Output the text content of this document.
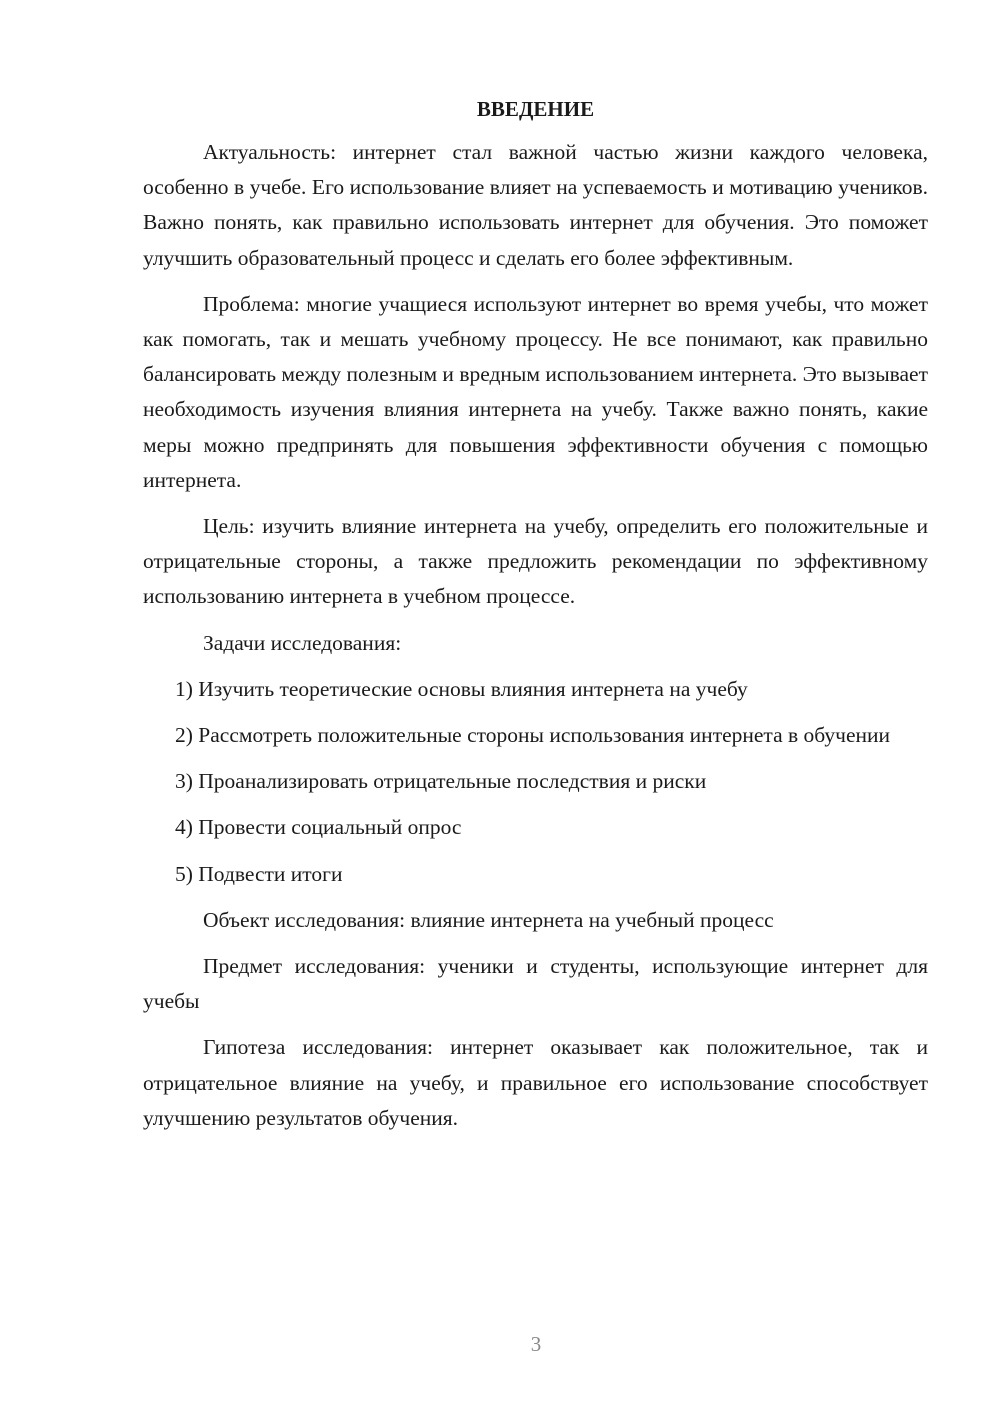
ВВЕДЕНИЕ

Актуальность: интернет стал важной частью жизни каждого человека, особенно в учебе. Его использование влияет на успеваемость и мотивацию учеников. Важно понять, как правильно использовать интернет для обучения. Это поможет улучшить образовательный процесс и сделать его более эффективным.

Проблема: многие учащиеся используют интернет во время учебы, что может как помогать, так и мешать учебному процессу. Не все понимают, как правильно балансировать между полезным и вредным использованием интернета. Это вызывает необходимость изучения влияния интернета на учебу. Также важно понять, какие меры можно предпринять для повышения эффективности обучения с помощью интернета.

Цель: изучить влияние интернета на учебу, определить его положительные и отрицательные стороны, а также предложить рекомендации по эффективному использованию интернета в учебном процессе.

Задачи исследования:

1) Изучить теоретические основы влияния интернета на учебу

2) Рассмотреть положительные стороны использования интернета в обучении

3) Проанализировать отрицательные последствия и риски

4) Провести социальный опрос

5) Подвести итоги

Объект исследования: влияние интернета на учебный процесс

Предмет исследования: ученики и студенты, использующие интернет для учебы

Гипотеза исследования: интернет оказывает как положительное, так и отрицательное влияние на учебу, и правильное его использование способствует улучшению результатов обучения.

3
